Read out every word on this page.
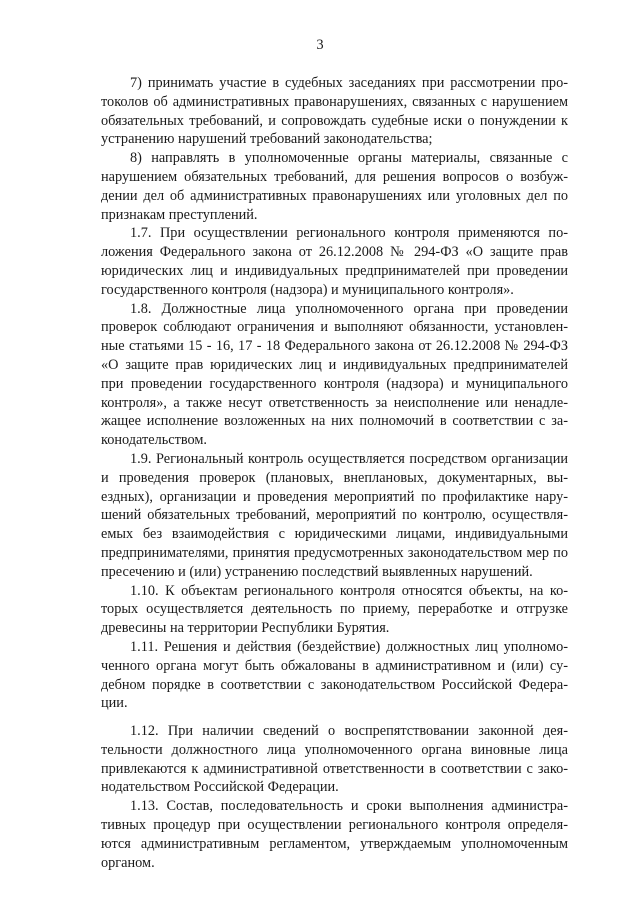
3

7) принимать участие в судебных заседаниях при рассмотрении протоколов об административных правонарушениях, связанных с нарушением обязательных требований, и сопровождать судебные иски о понуждении к устранению нарушений требований законодательства;

8) направлять в уполномоченные органы материалы, связанные с нарушением обязательных требований, для решения вопросов о возбуждении дел об административных правонарушениях или уголовных дел по признакам преступлений.

1.7. При осуществлении регионального контроля применяются положения Федерального закона от 26.12.2008 № 294-ФЗ «О защите прав юридических лиц и индивидуальных предпринимателей при проведении государственного контроля (надзора) и муниципального контроля».

1.8. Должностные лица уполномоченного органа при проведении проверок соблюдают ограничения и выполняют обязанности, установленные статьями 15 - 16, 17 - 18 Федерального закона от 26.12.2008 № 294-ФЗ «О защите прав юридических лиц и индивидуальных предпринимателей при проведении государственного контроля (надзора) и муниципального контроля», а также несут ответственность за неисполнение или ненадлежащее исполнение возложенных на них полномочий в соответствии с законодательством.

1.9. Региональный контроль осуществляется посредством организации и проведения проверок (плановых, внеплановых, документарных, выездных), организации и проведения мероприятий по профилактике нарушений обязательных требований, мероприятий по контролю, осуществляемых без взаимодействия с юридическими лицами, индивидуальными предпринимателями, принятия предусмотренных законодательством мер по пресечению и (или) устранению последствий выявленных нарушений.

1.10. К объектам регионального контроля относятся объекты, на которых осуществляется деятельность по приему, переработке и отгрузке древесины на территории Республики Бурятия.

1.11. Решения и действия (бездействие) должностных лиц уполномоченного органа могут быть обжалованы в административном и (или) судебном порядке в соответствии с законодательством Российской Федерации.

1.12. При наличии сведений о воспрепятствовании законной деятельности должностного лица уполномоченного органа виновные лица привлекаются к административной ответственности в соответствии с законодательством Российской Федерации.

1.13. Состав, последовательность и сроки выполнения административных процедур при осуществлении регионального контроля определяются административным регламентом, утверждаемым уполномоченным органом.
